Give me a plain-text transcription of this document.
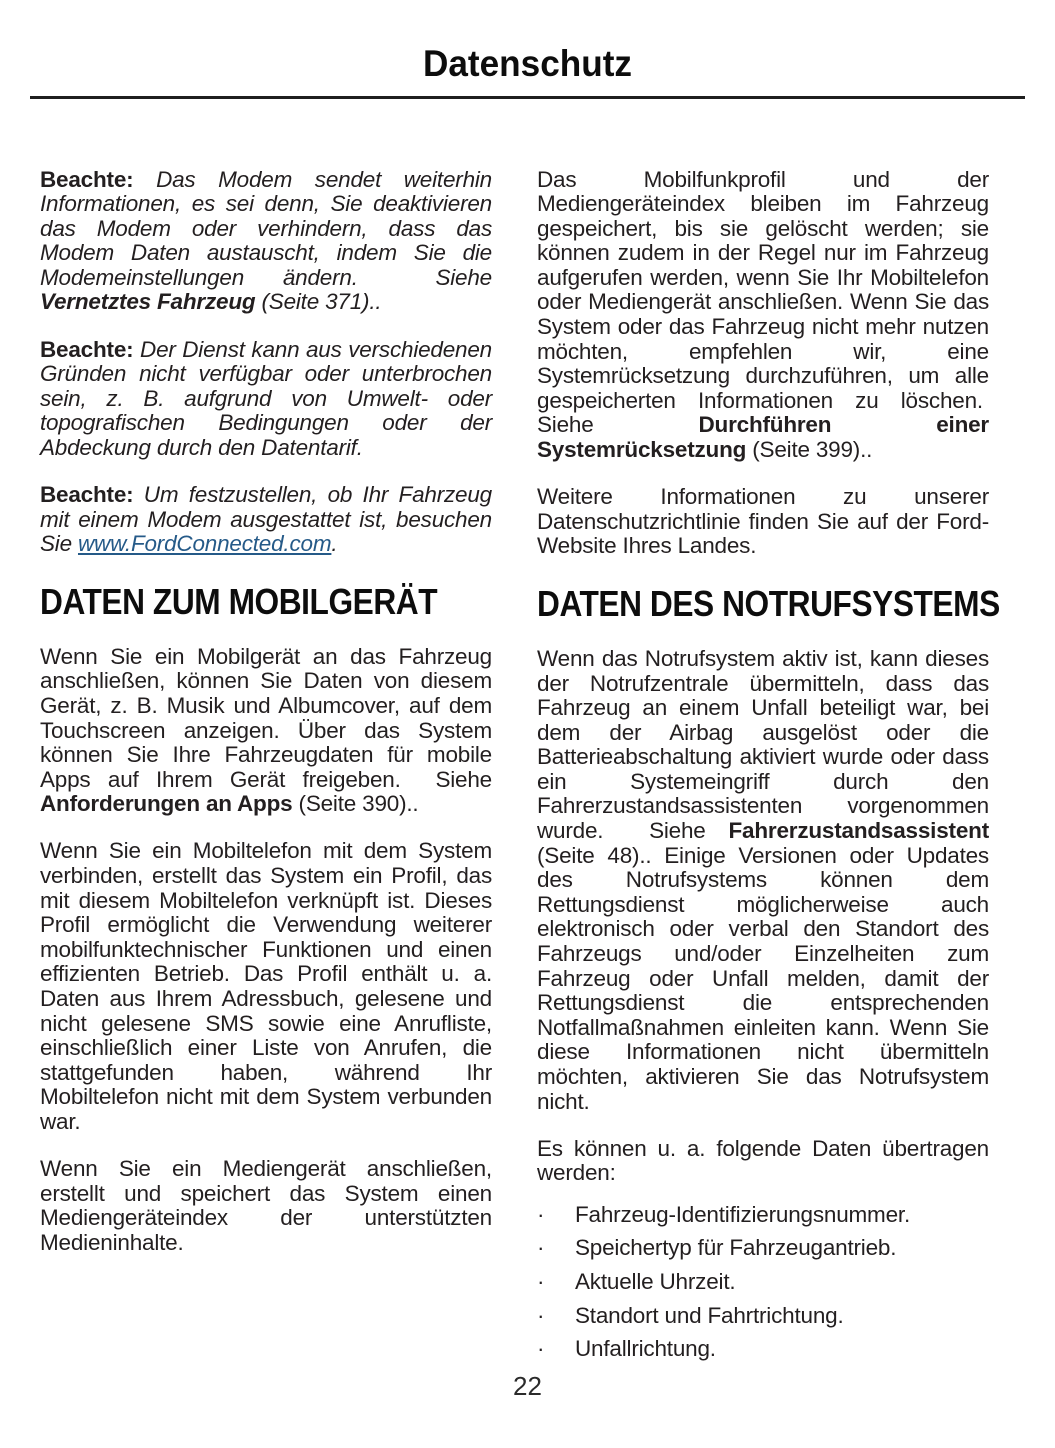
Datenschutz

Beachte: Das Modem sendet weiterhin Informationen, es sei denn, Sie deaktivieren das Modem oder verhindern, dass das Modem Daten austauscht, indem Sie die Modemeinstellungen ändern.  Siehe Vernetztes Fahrzeug (Seite 371)..

Beachte: Der Dienst kann aus verschiedenen Gründen nicht verfügbar oder unterbrochen sein, z. B. aufgrund von Umwelt- oder topografischen Bedingungen oder der Abdeckung durch den Datentarif.

Beachte: Um festzustellen, ob Ihr Fahrzeug mit einem Modem ausgestattet ist, besuchen Sie www.FordConnected.com.

DATEN ZUM MOBILGERÄT

Wenn Sie ein Mobilgerät an das Fahrzeug anschließen, können Sie Daten von diesem Gerät, z. B. Musik und Albumcover, auf dem Touchscreen anzeigen. Über das System können Sie Ihre Fahrzeugdaten für mobile Apps auf Ihrem Gerät freigeben.  Siehe Anforderungen an Apps (Seite 390)..

Wenn Sie ein Mobiltelefon mit dem System verbinden, erstellt das System ein Profil, das mit diesem Mobiltelefon verknüpft ist. Dieses Profil ermöglicht die Verwendung weiterer mobilfunktechnischer Funktionen und einen effizienten Betrieb. Das Profil enthält u. a. Daten aus Ihrem Adressbuch, gelesene und nicht gelesene SMS sowie eine Anrufliste, einschließlich einer Liste von Anrufen, die stattgefunden haben, während Ihr Mobiltelefon nicht mit dem System verbunden war.

Wenn Sie ein Mediengerät anschließen, erstellt und speichert das System einen Mediengeräteindex der unterstützten Medieninhalte.

Das Mobilfunkprofil und der Mediengeräteindex bleiben im Fahrzeug gespeichert, bis sie gelöscht werden; sie können zudem in der Regel nur im Fahrzeug aufgerufen werden, wenn Sie Ihr Mobiltelefon oder Mediengerät anschließen. Wenn Sie das System oder das Fahrzeug nicht mehr nutzen möchten, empfehlen wir, eine Systemrücksetzung durchzuführen, um alle gespeicherten Informationen zu löschen.  Siehe Durchführen einer Systemrücksetzung (Seite 399)..

Weitere Informationen zu unserer Datenschutzrichtlinie finden Sie auf der Ford-Website Ihres Landes.

DATEN DES NOTRUFSYSTEMS

Wenn das Notrufsystem aktiv ist, kann dieses der Notrufzentrale übermitteln, dass das Fahrzeug an einem Unfall beteiligt war, bei dem der Airbag ausgelöst oder die Batterieabschaltung aktiviert wurde oder dass ein Systemeingriff durch den Fahrerzustandsassistenten vorgenommen wurde.  Siehe Fahrerzustandsassistent (Seite 48).. Einige Versionen oder Updates des Notrufsystems können dem Rettungsdienst möglicherweise auch elektronisch oder verbal den Standort des Fahrzeugs und/oder Einzelheiten zum Fahrzeug oder Unfall melden, damit der Rettungsdienst die entsprechenden Notfallmaßnahmen einleiten kann. Wenn Sie diese Informationen nicht übermitteln möchten, aktivieren Sie das Notrufsystem nicht.

Es können u. a. folgende Daten übertragen werden:

·	Fahrzeug-Identifizierungsnummer.
·	Speichertyp für Fahrzeugantrieb.
·	Aktuelle Uhrzeit.
·	Standort und Fahrtrichtung.
·	Unfallrichtung.
22
